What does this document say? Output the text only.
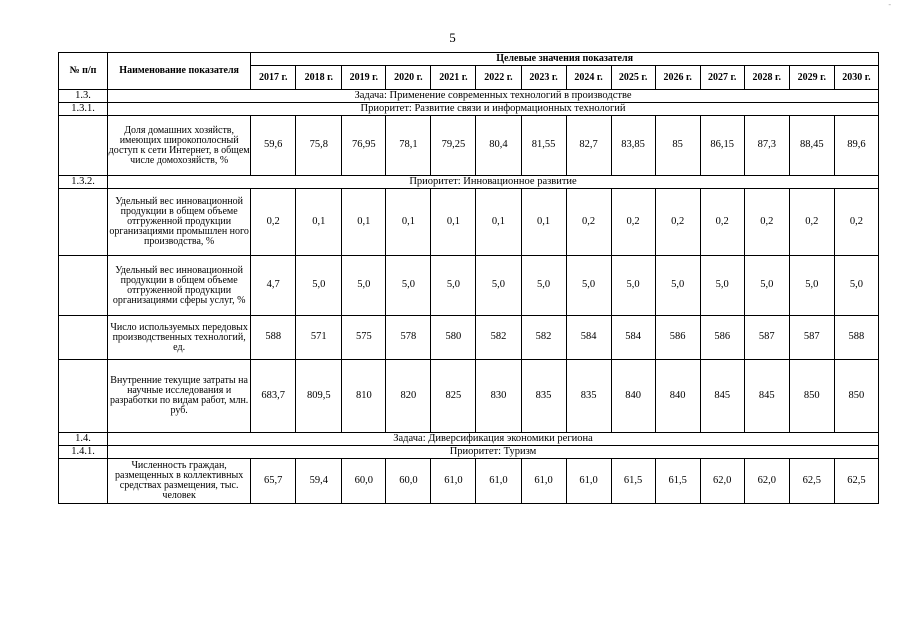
-
5
№ п/п	Наименование показателя	Целевые значения показателя													
		2017 г.	2018 г.	2019 г.	2020 г.	2021 г.	2022 г.	2023 г.	2024 г.	2025 г.	2026 г.	2027 г.	2028 г.	2029 г.	2030 г.
1.3.	Задача: Применение современных технологий в производстве														
1.3.1.	Приоритет: Развитие связи и информационных технологий														
	Доля домашних хозяйств, имеющих широкополосный доступ к сети Интернет, в общем числе домохозяйств, %	59,6	75,8	76,95	78,1	79,25	80,4	81,55	82,7	83,85	85	86,15	87,3	88,45	89,6
1.3.2.	Приоритет: Инновационное развитие														
	Удельный вес инновационной продукции в общем объеме отгруженной продукции организациями промышлен ного производства, %	0,2	0,1	0,1	0,1	0,1	0,1	0,1	0,2	0,2	0,2	0,2	0,2	0,2	0,2
	Удельный вес инновационной продукции в общем объеме отгруженной продукции организациями сферы услуг, %	4,7	5,0	5,0	5,0	5,0	5,0	5,0	5,0	5,0	5,0	5,0	5,0	5,0	5,0
	Число используемых передовых производственных технологий, ед.	588	571	575	578	580	582	582	584	584	586	586	587	587	588
	Внутренние текущие затраты на научные исследования и разработки по видам работ, млн. руб.	683,7	809,5	810	820	825	830	835	835	840	840	845	845	850	850
1.4.	Задача: Диверсификация экономики региона														
1.4.1.	Приоритет: Туризм														
	Численность граждан, размещенных в коллективных средствах размещения, тыс. человек	65,7	59,4	60,0	60,0	61,0	61,0	61,0	61,0	61,5	61,5	62,0	62,0	62,5	62,5
